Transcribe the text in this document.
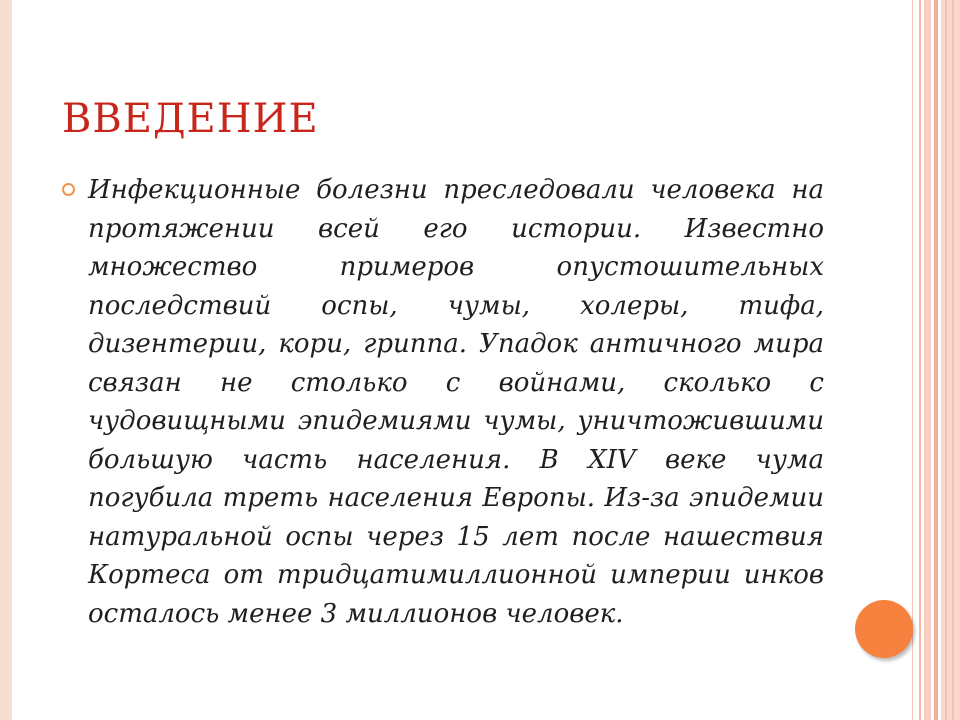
ВВЕДЕНИЕ

Инфекционные болезни преследовали человека на протяжении всей его истории. Известно множество примеров опустошительных последствий оспы, чумы, холеры, тифа, дизентерии, кори, гриппа. Упадок античного мира связан не столько с войнами, сколько с чудовищными эпидемиями чумы, уничтожившими большую часть населения. В XIV веке чума погубила треть населения Европы. Из-за эпидемии натуральной оспы через 15 лет после нашествия Кортеса от тридцатимиллионной империи инков осталось менее 3 миллионов человек.
